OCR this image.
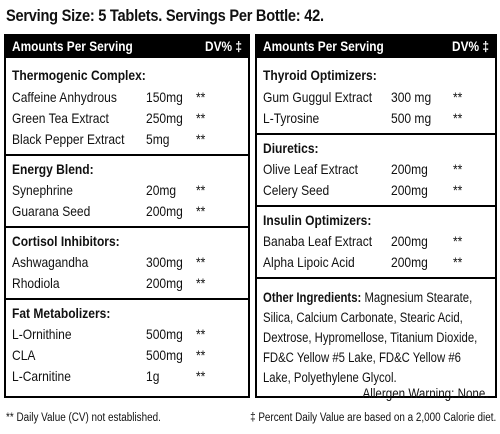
Serving Size: 5 Tablets. Servings Per Bottle: 42.
Amounts Per Serving	DV% ‡
Thermogenic Complex:
Caffeine Anhydrous 150mg **
Green Tea Extract	250mg **
Black Pepper Extract 5mg **
Energy Blend:
Synephrine	20mg **
Guarana Seed	200mg **
Cortisol Inhibitors:
Ashwagandha	300mg **
Rhodiola	200mg **
Fat Metabolizers:
L-Ornithine	500mg **
CLA	500mg **
L-Carnitine	1g	**
Amounts Per Serving	DV% ‡
Thyroid Optimizers:
Gum Guggul Extract 300 mg **
L-Tyrosine	500 mg **
Diuretics:
Olive Leaf Extract 200mg **
Celery Seed	200mg **
Insulin Optimizers:
Banaba Leaf Extract 200mg **
Alpha Lipoic Acid	200mg **
Other Ingredients: Magnesium Stearate, Silica, Calcium Carbonate, Stearic Acid, Dextrose, Hypromellose, Titanium Dioxide, FD&C Yellow #5 Lake, FD&C Yellow #6 Lake, Polyethylene Glycol.
Allergen Warning: None.
** Daily Value (CV) not established.	‡ Percent Daily Value are based on a 2,000 Calorie diet.
